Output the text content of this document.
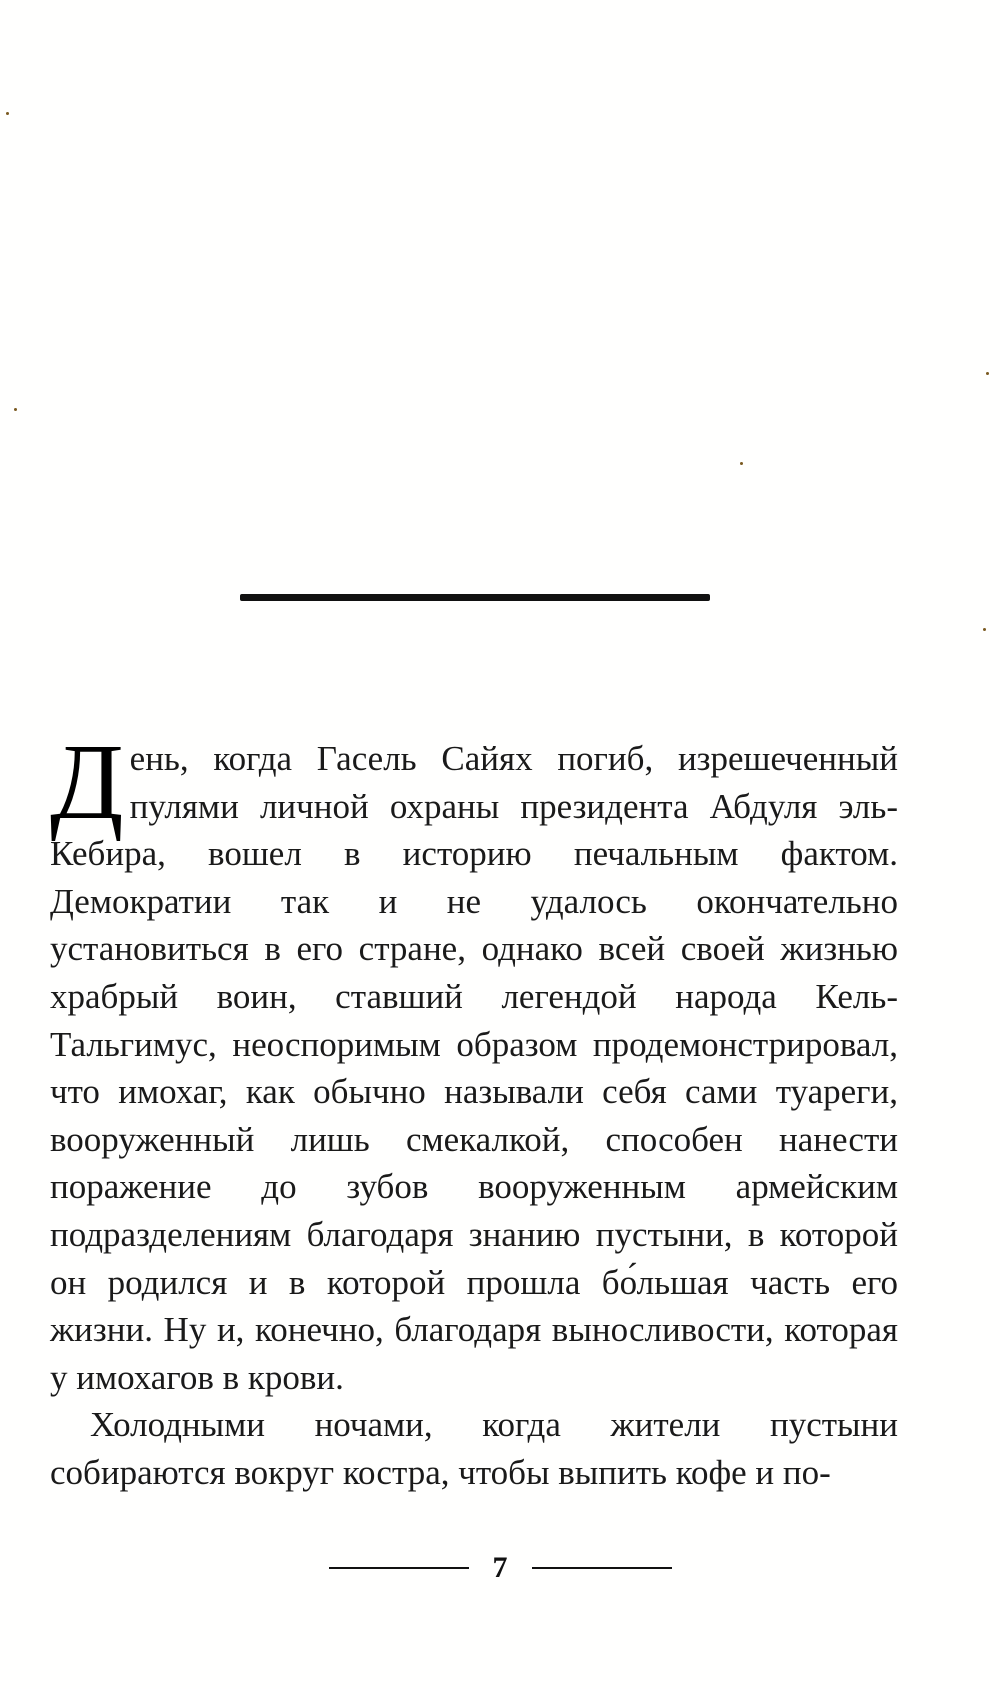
День, когда Гасель Сайях погиб, изрешеченный пулями личной охраны президента Абдуля эль-Кебира, вошел в историю печальным фактом. Демократии так и не удалось окончательно установиться в его стране, однако всей своей жизнью храбрый воин, ставший легендой народа Кель-Тальгимус, неоспоримым образом продемонстрировал, что имохаг, как обычно называли себя сами туареги, вооруженный лишь смекалкой, способен нанести поражение до зубов вооруженным армейским подразделениям благодаря знанию пустыни, в которой он родился и в которой прошла бо́льшая часть его жизни. Ну и, конечно, благодаря выносливости, которая у имохагов в крови.

Холодными ночами, когда жители пустыни собираются вокруг костра, чтобы выпить кофе и по-

7
